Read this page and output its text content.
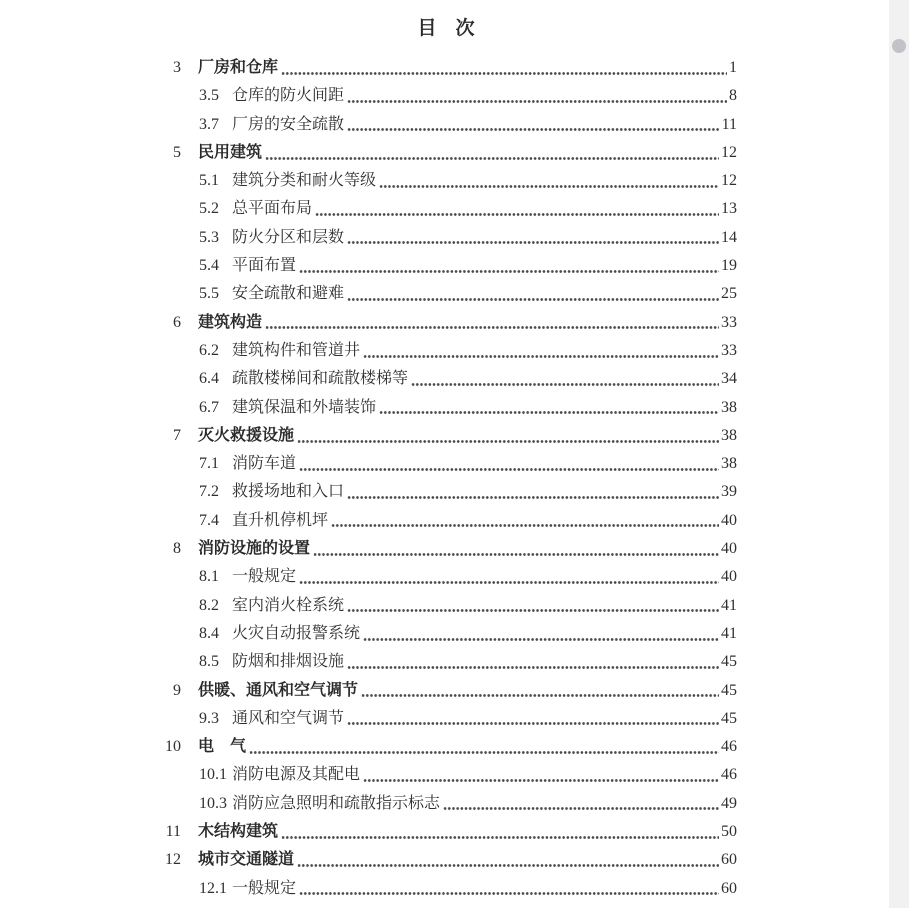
目　次
3 厂房和仓库	1
3.5 仓库的防火间距	8
3.7 厂房的安全疏散	11
5 民用建筑	12
5.1 建筑分类和耐火等级	12
5.2 总平面布局	13
5.3 防火分区和层数	14
5.4 平面布置	19
5.5 安全疏散和避难	25
6 建筑构造	33
6.2 建筑构件和管道井	33
6.4 疏散楼梯间和疏散楼梯等	34
6.7 建筑保温和外墙装饰	38
7 灭火救援设施	38
7.1 消防车道	38
7.2 救援场地和入口	39
7.4 直升机停机坪	40
8 消防设施的设置	40
8.1 一般规定	40
8.2 室内消火栓系统	41
8.4 火灾自动报警系统	41
8.5 防烟和排烟设施	45
9 供暖、通风和空气调节	45
9.3 通风和空气调节	45
10 电　气	46
10.1 消防电源及其配电	46
10.3 消防应急照明和疏散指示标志	49
11 木结构建筑	50
12 城市交通隧道	60
12.1 一般规定	60
